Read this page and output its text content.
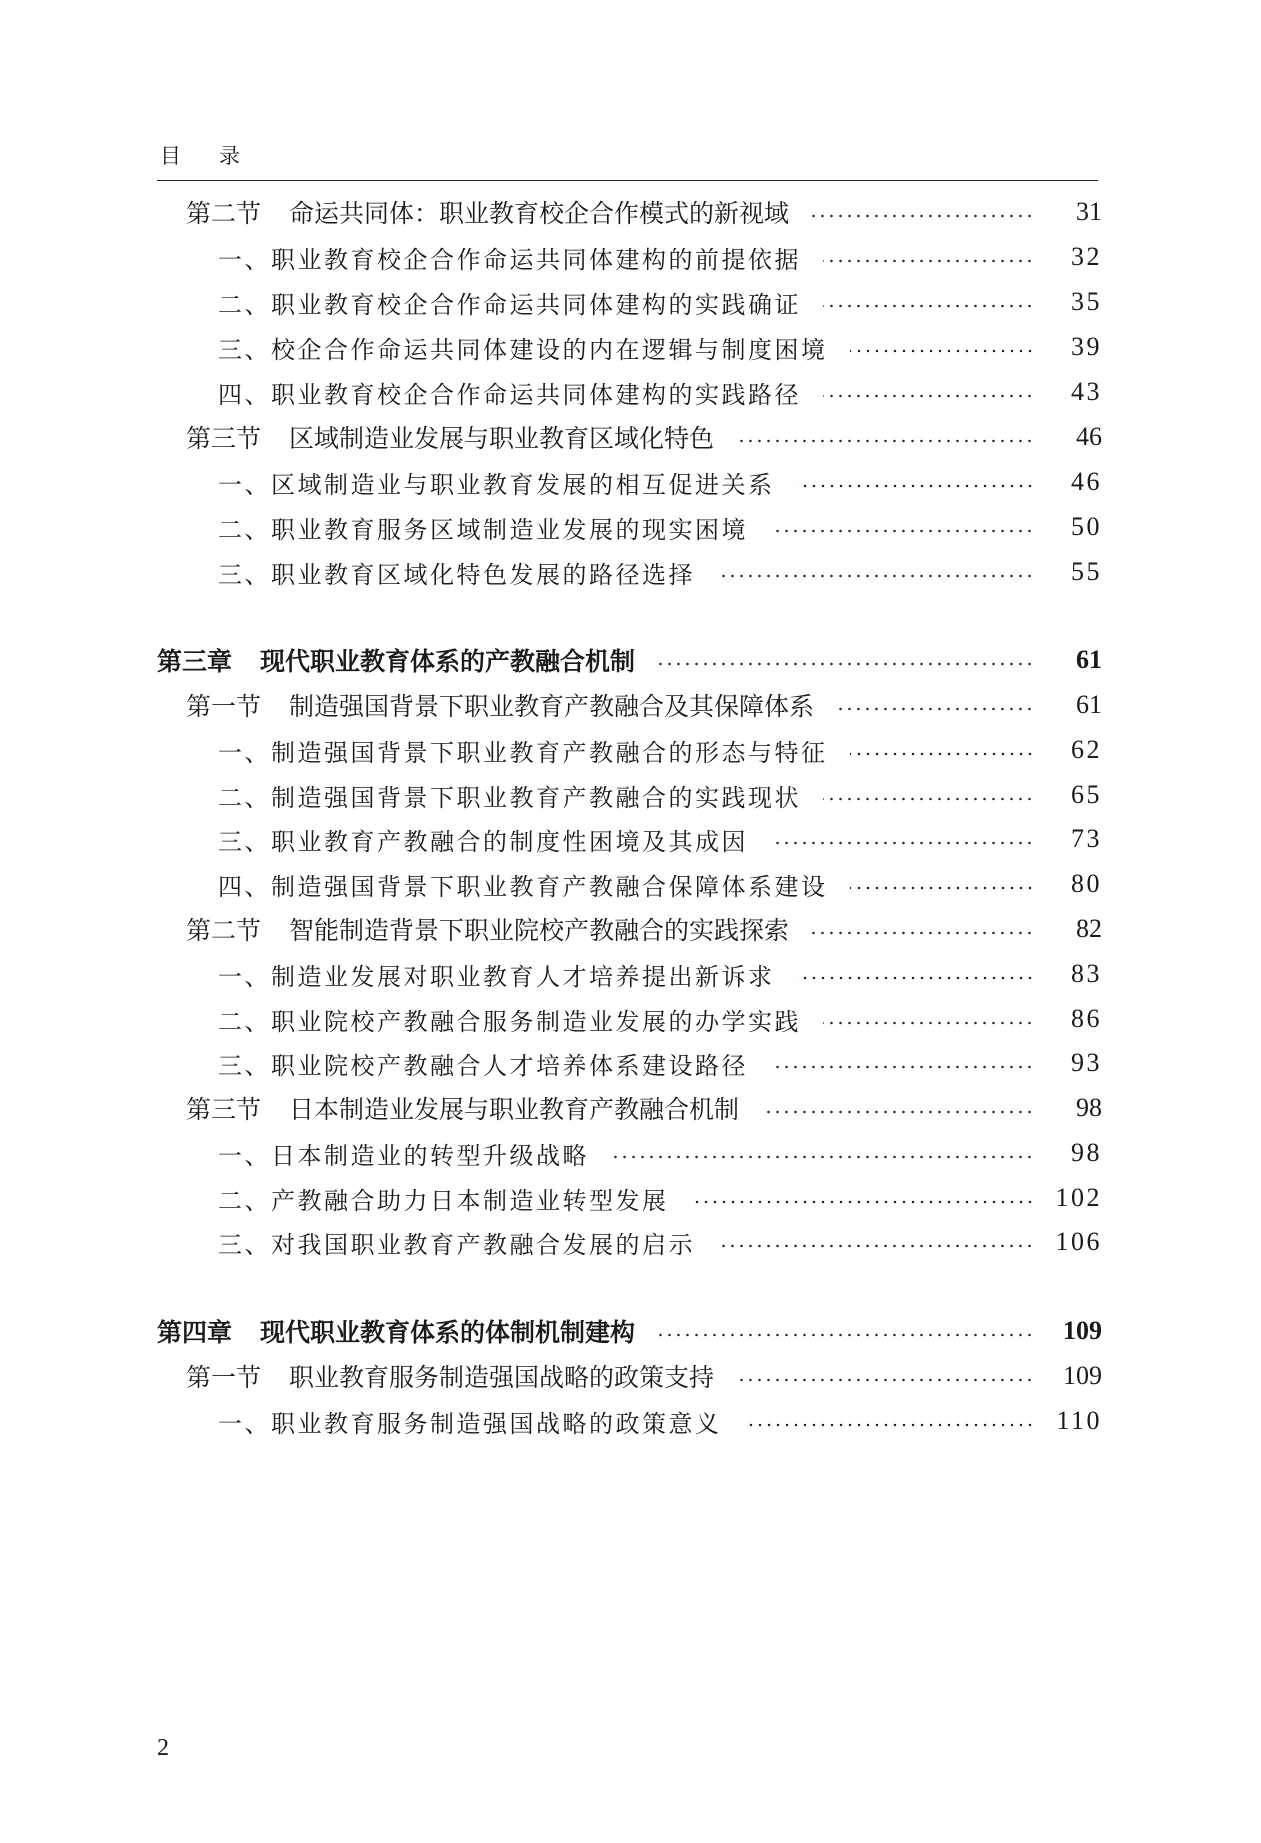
目 录
第二节 命运共同体：职业教育校企合作模式的新视域	31
一、职业教育校企合作命运共同体建构的前提依据	32
二、职业教育校企合作命运共同体建构的实践确证	35
三、校企合作命运共同体建设的内在逻辑与制度困境	39
四、职业教育校企合作命运共同体建构的实践路径	43
第三节 区域制造业发展与职业教育区域化特色	46
一、区域制造业与职业教育发展的相互促进关系	46
二、职业教育服务区域制造业发展的现实困境	50
三、职业教育区域化特色发展的路径选择	55
第三章 现代职业教育体系的产教融合机制	61
第一节 制造强国背景下职业教育产教融合及其保障体系	61
一、制造强国背景下职业教育产教融合的形态与特征	62
二、制造强国背景下职业教育产教融合的实践现状	65
三、职业教育产教融合的制度性困境及其成因	73
四、制造强国背景下职业教育产教融合保障体系建设	80
第二节 智能制造背景下职业院校产教融合的实践探索	82
一、制造业发展对职业教育人才培养提出新诉求	83
二、职业院校产教融合服务制造业发展的办学实践	86
三、职业院校产教融合人才培养体系建设路径	93
第三节 日本制造业发展与职业教育产教融合机制	98
一、日本制造业的转型升级战略	98
二、产教融合助力日本制造业转型发展	102
三、对我国职业教育产教融合发展的启示	106
第四章 现代职业教育体系的体制机制建构	109
第一节 职业教育服务制造强国战略的政策支持	109
一、职业教育服务制造强国战略的政策意义	110
2
